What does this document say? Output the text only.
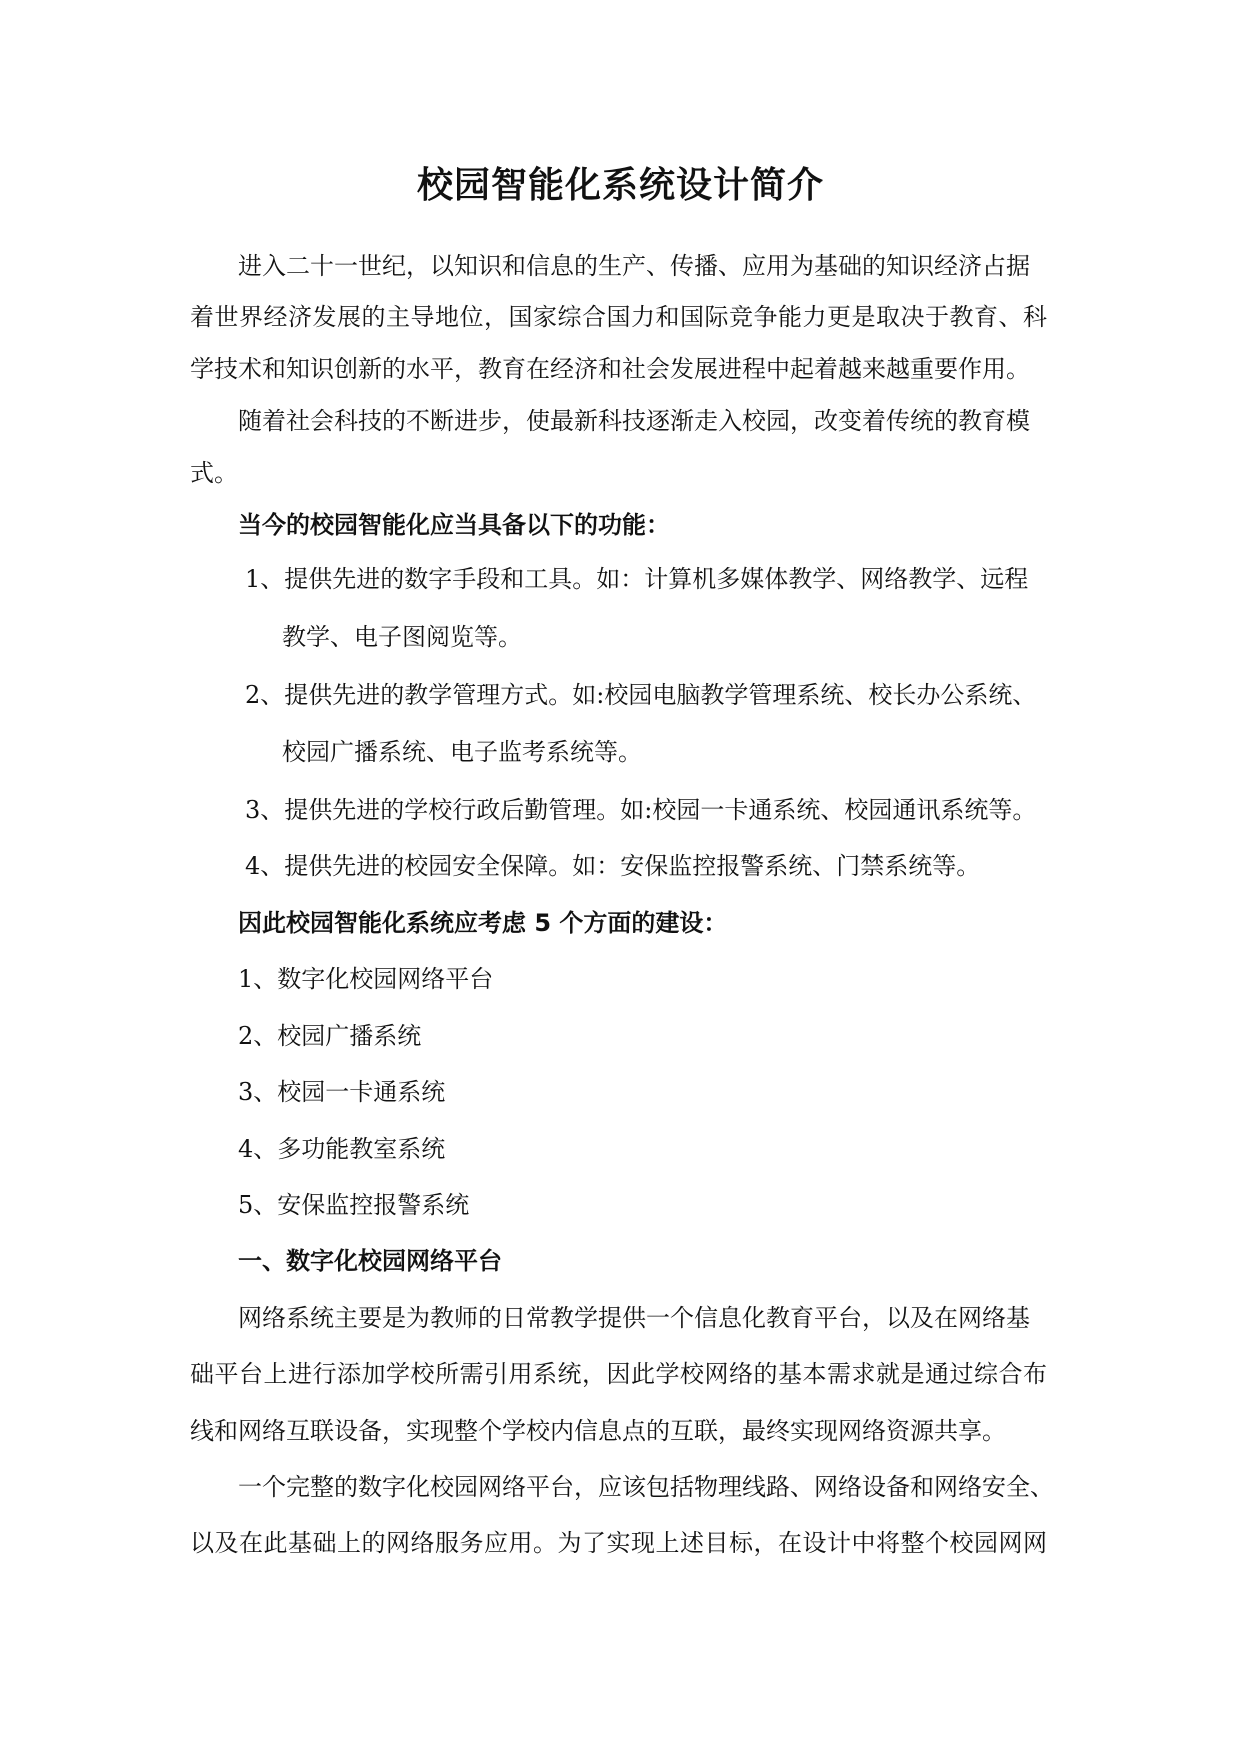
校园智能化系统设计简介
进入二十一世纪，以知识和信息的生产、传播、应用为基础的知识经济占据
着世界经济发展的主导地位，国家综合国力和国际竞争能力更是取决于教育、科
学技术和知识创新的水平，教育在经济和社会发展进程中起着越来越重要作用。
随着社会科技的不断进步，使最新科技逐渐走入校园，改变着传统的教育模
式。
当今的校园智能化应当具备以下的功能：
1、提供先进的数字手段和工具。如：计算机多媒体教学、网络教学、远程
教学、电子图阅览等。
2、提供先进的教学管理方式。如:校园电脑教学管理系统、校长办公系统、
校园广播系统、电子监考系统等。
3、提供先进的学校行政后勤管理。如:校园一卡通系统、校园通讯系统等。
4、提供先进的校园安全保障。如：安保监控报警系统、门禁系统等。
因此校园智能化系统应考虑 5 个方面的建设：
1、数字化校园网络平台
2、校园广播系统
3、校园一卡通系统
4、多功能教室系统
5、安保监控报警系统
一、数字化校园网络平台
网络系统主要是为教师的日常教学提供一个信息化教育平台，以及在网络基
础平台上进行添加学校所需引用系统，因此学校网络的基本需求就是通过综合布
线和网络互联设备，实现整个学校内信息点的互联，最终实现网络资源共享。
一个完整的数字化校园网络平台，应该包括物理线路、网络设备和网络安全、
以及在此基础上的网络服务应用。为了实现上述目标，在设计中将整个校园网网
